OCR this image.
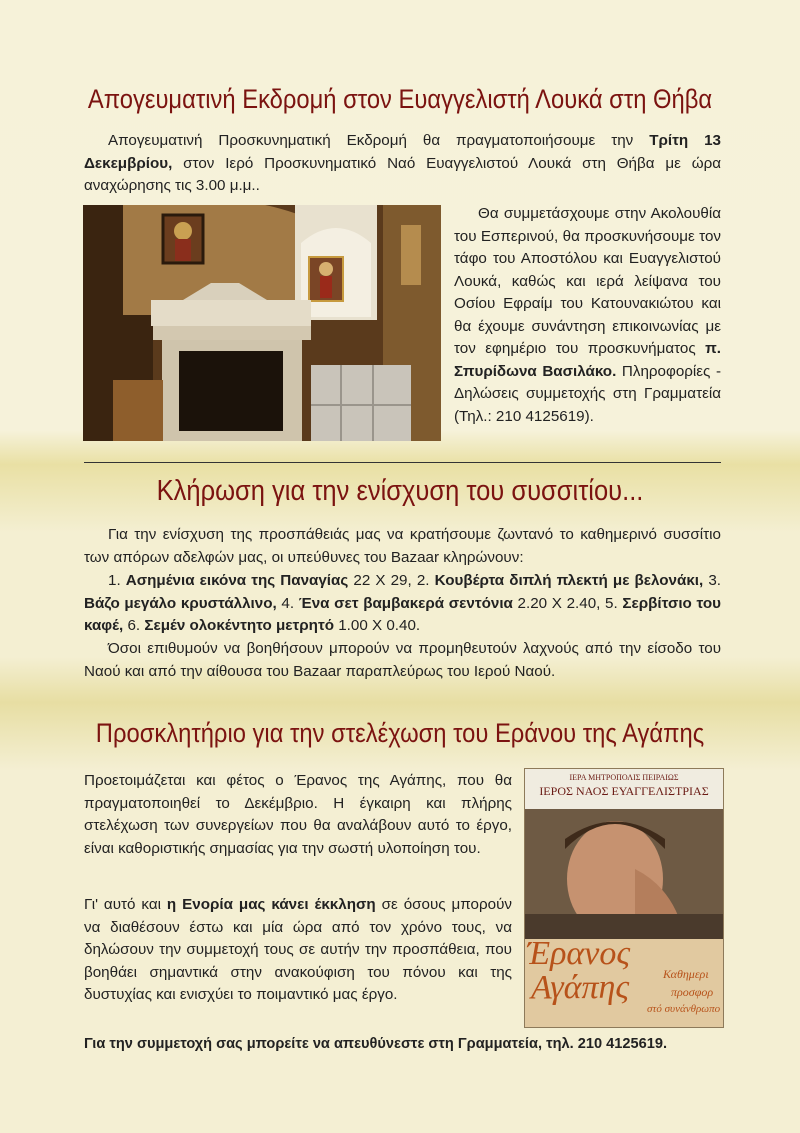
Απογευματινή Εκδρομή στον Ευαγγελιστή Λουκά στη Θήβα

Απογευματινή Προσκυνηματική Εκδρομή θα πραγματοποιήσουμε την Τρίτη 13 Δεκεμβρίου, στον Ιερό Προσκυνηματικό Ναό Ευαγγελιστού Λουκά στη Θήβα με ώρα αναχώρησης τις 3.00 μ.μ..

Θα συμμετάσχουμε στην Ακολουθία του Εσπερινού, θα προσκυνήσουμε τον τάφο του Αποστόλου και Ευαγγελιστού Λουκά, καθώς και ιερά λείψανα του Οσίου Εφραίμ του Κατουνακιώτου και θα έχουμε συνάντηση επικοινωνίας με τον εφημέριο του προσκυνήματος π. Σπυρίδωνα Βασιλάκο. Πληροφορίες - Δηλώσεις συμμετοχής στη Γραμματεία (Τηλ.: 210 4125619).

Κλήρωση για την ενίσχυση του συσσιτίου...

Για την ενίσχυση της προσπάθειάς μας να κρατήσουμε ζωντανό το καθημερινό συσσίτιο των απόρων αδελφών μας, οι υπεύθυνες του Bazaar κληρώνουν:

1. Ασημένια εικόνα της Παναγίας 22 Χ 29, 2. Κουβέρτα διπλή πλεκτή με βελονάκι, 3. Βάζο μεγάλο κρυστάλλινο, 4. Ένα σετ βαμβακερά σεντόνια 2.20 Χ 2.40, 5. Σερβίτσιο του καφέ, 6. Σεμέν ολοκέντητο μετρητό 1.00 Χ 0.40.

Όσοι επιθυμούν να βοηθήσουν μπορούν να προμηθευτούν λαχνούς από την είσοδο του Ναού και από την αίθουσα του Bazaar παραπλεύρως του Ιερού Ναού.

Προσκλητήριο για την στελέχωση του Εράνου της Αγάπης

Προετοιμάζεται και φέτος ο Έρανος της Αγάπης, που θα πραγματοποιηθεί το Δεκέμβριο. Η έγκαιρη και πλήρης στελέχωση των συνεργείων που θα αναλάβουν αυτό το έργο, είναι καθοριστικής σημασίας για την σωστή υλοποίηση του.

Γι' αυτό και η Ενορία μας κάνει έκκληση σε όσους μπορούν να διαθέσουν έστω και μία ώρα από τον χρόνο τους, να δηλώσουν την συμμετοχή τους σε αυτήν την προσπάθεια, που βοηθάει σημαντικά στην ανακούφιση του πόνου και της δυστυχίας και ενισχύει το ποιμαντικό μας έργο.

ΙΕΡΑ ΜΗΤΡΟΠΟΛΙΣ ΠΕΙΡΑΙΩΣ
ΙΕΡΟΣ ΝΑΟΣ ΕΥΑΓΓΕΛΙΣΤΡΙΑΣ
Έρανος
Αγάπης	Καθημερι
προσφορ
στό συνάνθρωπο

Για την συμμετοχή σας μπορείτε να απευθύνεστε στη Γραμματεία, τηλ. 210 4125619.
